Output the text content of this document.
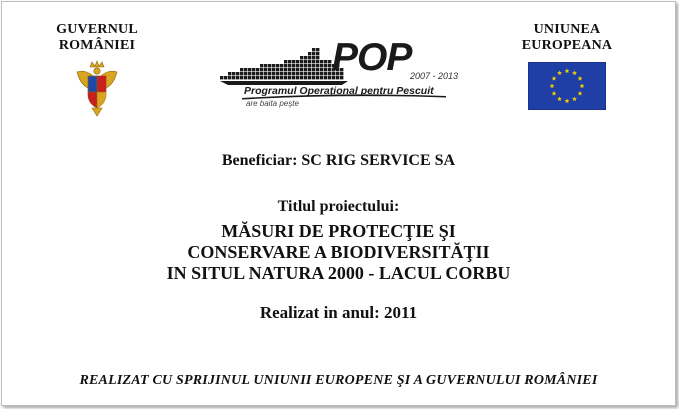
GUVERNUL
ROMÂNIEI	POP
2007 - 2013
Programul Operaţional pentru Pescuit
are baita peşte
UNIUNEA
EUROPEANA
Beneficiar: SC RIG SERVICE SA
Titlul proiectului:
MĂSURI DE PROTECŢIE ŞI
CONSERVARE A BIODIVERSITĂŢII
IN SITUL NATURA 2000 - LACUL CORBU
Realizat in anul: 2011
REALIZAT CU SPRIJINUL UNIUNII EUROPENE ŞI A GUVERNULUI ROMÂNIEI
